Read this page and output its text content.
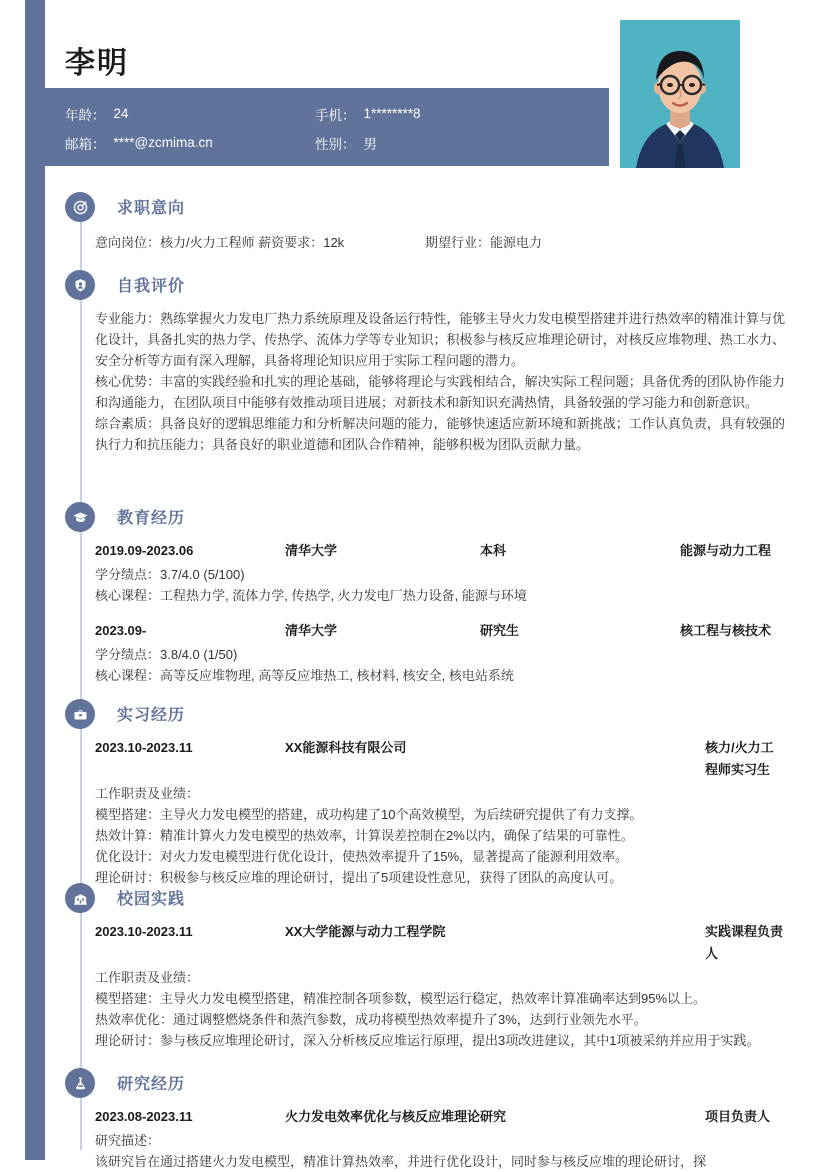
李明
年龄： 24	手机： 1********8
邮箱： ****@zcmima.cn	性别： 男
求职意向
意向岗位：核力/火力工程师 薪资要求：12k	期望行业：能源电力
自我评价

专业能力：熟练掌握火力发电厂热力系统原理及设备运行特性，能够主导火力发电模型搭建并进行热效率的精准计算与优化设计，具备扎实的热力学、传热学、流体力学等专业知识；积极参与核反应堆理论研讨，对核反应堆物理、热工水力、安全分析等方面有深入理解，具备将理论知识应用于实际工程问题的潜力。

核心优势：丰富的实践经验和扎实的理论基础，能够将理论与实践相结合，解决实际工程问题；具备优秀的团队协作能力和沟通能力，在团队项目中能够有效推动项目进展；对新技术和新知识充满热情，具备较强的学习能力和创新意识。

综合素质：具备良好的逻辑思维能力和分析解决问题的能力，能够快速适应新环境和新挑战；工作认真负责，具有较强的执行力和抗压能力；具备良好的职业道德和团队合作精神，能够积极为团队贡献力量。

教育经历
2019.09-2023.06	清华大学	本科	能源与动力工程
学分绩点：3.7/4.0 (5/100)
核心课程：工程热力学, 流体力学, 传热学, 火力发电厂热力设备, 能源与环境
2023.09-	清华大学	研究生	核工程与核技术
学分绩点：3.8/4.0 (1/50)
核心课程：高等反应堆物理, 高等反应堆热工, 核材料, 核安全, 核电站系统
实习经历
2023.10-2023.11	XX能源科技有限公司	核力/火力工程师实习生
工作职责及业绩：
模型搭建：主导火力发电模型的搭建，成功构建了10个高效模型，为后续研究提供了有力支撑。
热效计算：精准计算火力发电模型的热效率，计算误差控制在2%以内，确保了结果的可靠性。
优化设计：对火力发电模型进行优化设计，使热效率提升了15%，显著提高了能源利用效率。
理论研讨：积极参与核反应堆的理论研讨，提出了5项建设性意见，获得了团队的高度认可。
校园实践
2023.10-2023.11	XX大学能源与动力工程学院	实践课程负责人
工作职责及业绩：
模型搭建：主导火力发电模型搭建，精准控制各项参数，模型运行稳定，热效率计算准确率达到95%以上。
热效率优化：通过调整燃烧条件和蒸汽参数，成功将模型热效率提升了3%，达到行业领先水平。
理论研讨：参与核反应堆理论研讨，深入分析核反应堆运行原理，提出3项改进建议，其中1项被采纳并应用于实践。
研究经历
2023.08-2023.11	火力发电效率优化与核反应堆理论研究	项目负责人
研究描述：
该研究旨在通过搭建火力发电模型，精准计算热效率，并进行优化设计，同时参与核反应堆的理论研讨，探
